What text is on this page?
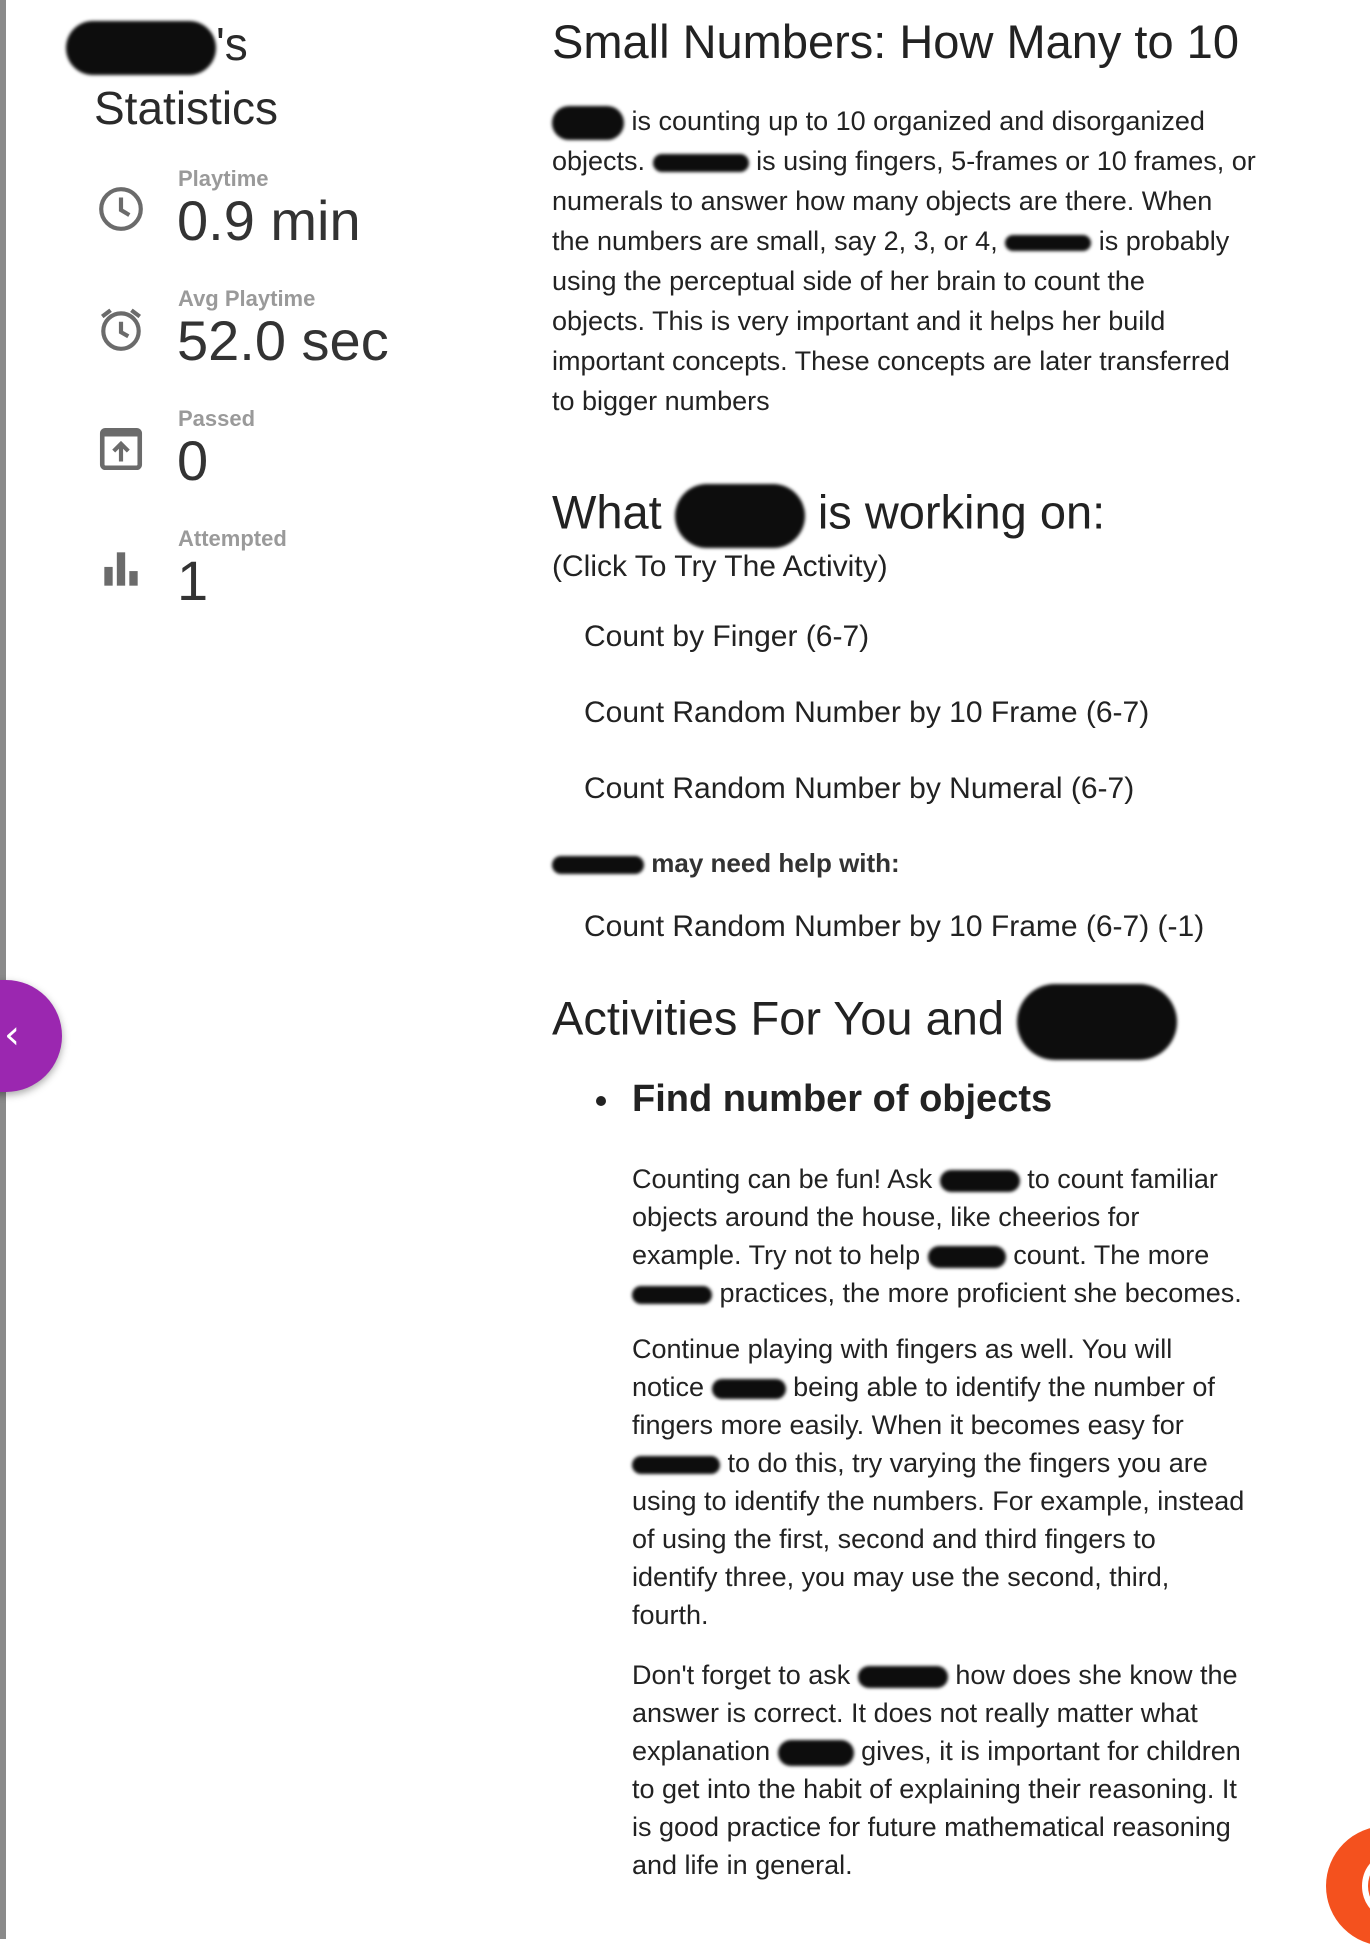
's
Statistics
Playtime
0.9 min
Avg Playtime
52.0 sec
Passed
0
Attempted
1
Small Numbers: How Many to 10
is counting up to 10 organized and disorganized
objects.	is using fingers, 5-frames or 10 frames, or
numerals to answer how many objects are there. When
the numbers are small, say 2, 3, or 4,	is probably
using the perceptual side of her brain to count the
objects. This is very important and it helps her build
important concepts. These concepts are later transferred
to bigger numbers
What	is working on:
(Click To Try The Activity)
Count by Finger (6-7)
Count Random Number by 10 Frame (6-7)
Count Random Number by Numeral (6-7)
may need help with:
Count Random Number by 10 Frame (6-7) (-1)
Activities For You and
Find number of objects
Counting can be fun! Ask	to count familiar
objects around the house, like cheerios for
example. Try not to help	count. The more
practices, the more proficient she becomes.
Continue playing with fingers as well. You will
notice	being able to identify the number of
fingers more easily. When it becomes easy for
to do this, try varying the fingers you are
using to identify the numbers. For example, instead
of using the first, second and third fingers to
identify three, you may use the second, third,
fourth.
Don't forget to ask	how does she know the
answer is correct. It does not really matter what
explanation	gives, it is important for children
to get into the habit of explaining their reasoning. It
is good practice for future mathematical reasoning
and life in general.
‹
